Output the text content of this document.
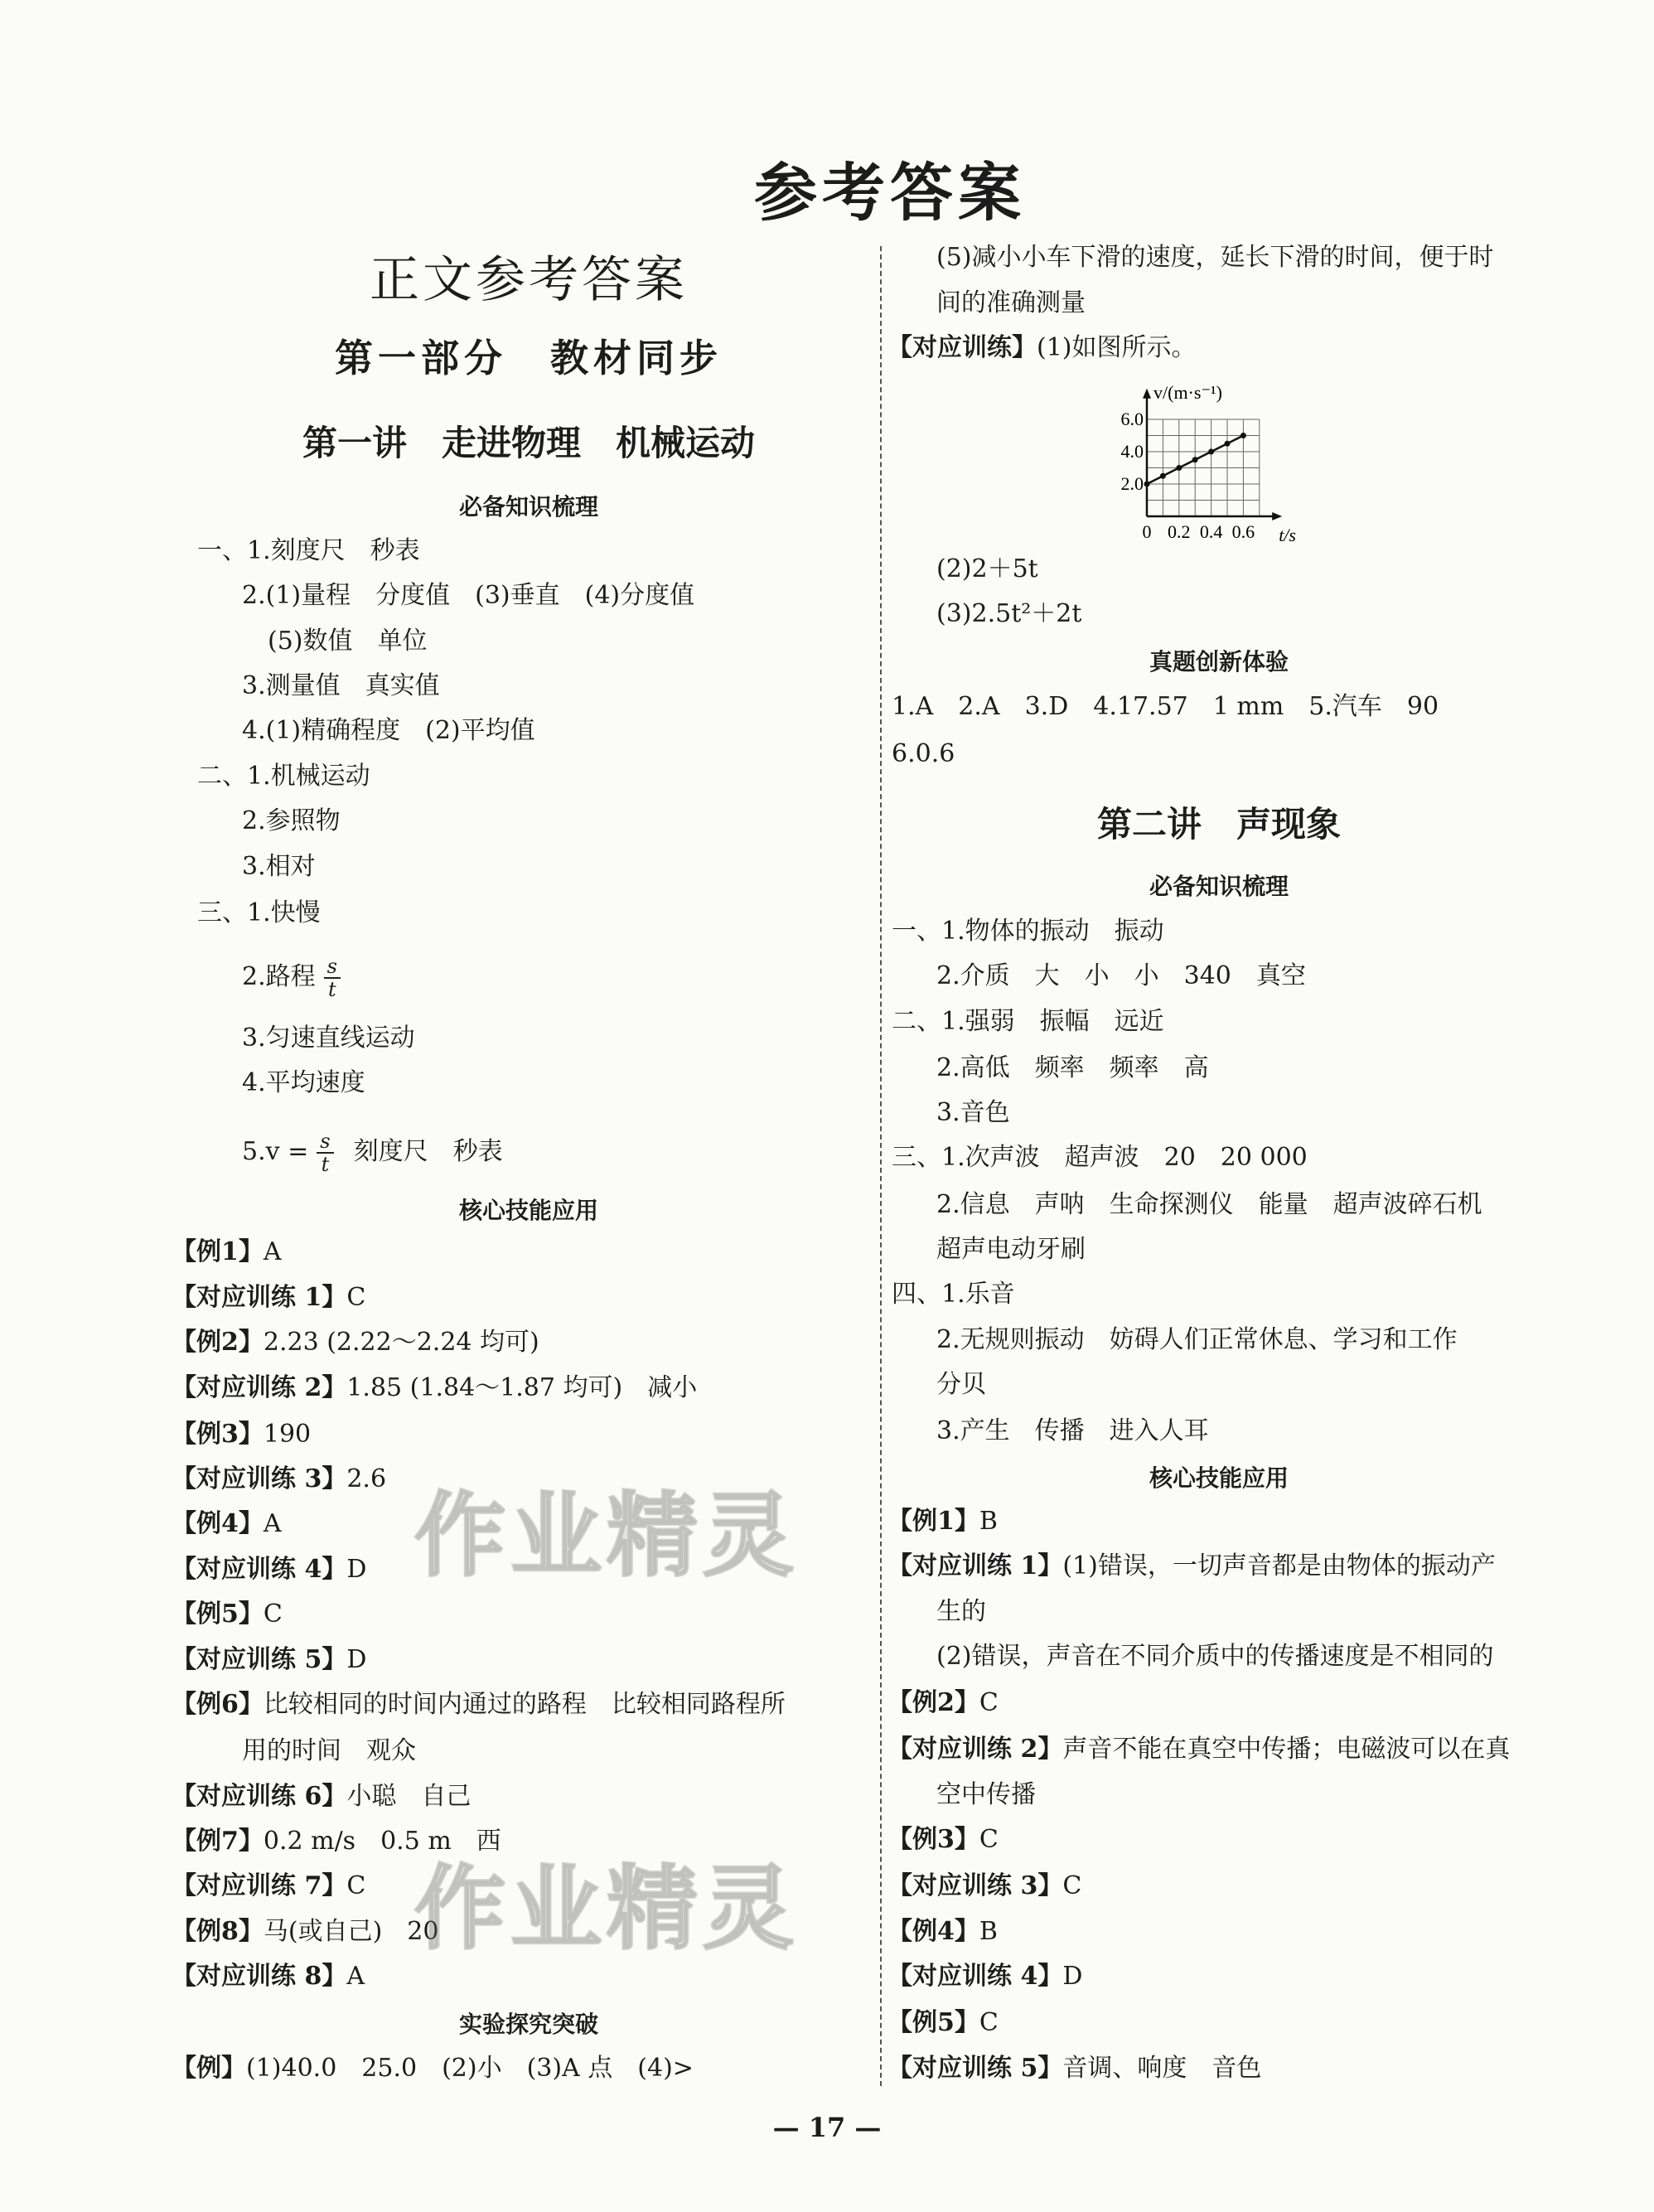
参考答案
正文参考答案
第一部分　教材同步
第一讲　走进物理　机械运动
第二讲　声现象
必备知识梳理
一、1.刻度尺　秒表
2.(1)量程　分度值　(3)垂直　(4)分度值
(5)数值　单位
3.测量值　真实值
4.(1)精确程度　(2)平均值
二、1.机械运动
2.参照物
3.相对
三、1.快慢
2.路程 $\frac{s}{t}$
3.匀速直线运动
4.平均速度
$5.v = \frac{s}{t}$ 刻度尺　秒表
核心技能应用
【例1】A
【对应训练 1】C
【例2】2.23 (2.22～2.24 均可)
【对应训练 2】1.85 (1.84～1.87 均可)　减小
【例3】190
【对应训练 3】2.6
【例4】A
【对应训练 4】D
【例5】C
【对应训练 5】D
【例6】比较相同的时间内通过的路程　比较相同路程所
用的时间　观众
【对应训练 6】小聪　自己
【例7】0.2 m/s　0.5 m　西
【对应训练 7】C
【例8】马(或自己)　20
【对应训练 8】A
实验探究突破
【例】(1)40.0　25.0　(2)小　(3)A 点　(4)>
(5)减小小车下滑的速度，延长下滑的时间，便于时
间的准确测量
【对应训练】(1)如图所示。
(2)2＋5t
(3)2.5t²＋2t
真题创新体验
1.A　2.A　3.D　4.17.57　1 mm　5.汽车　90
6.0.6
必备知识梳理
一、1.物体的振动　振动
2.介质　大　小　小　340　真空
二、1.强弱　振幅　远近
2.高低　频率　频率　高
3.音色
三、1.次声波　超声波　20　20 000
2.信息　声呐　生命探测仪　能量　超声波碎石机
超声电动牙刷
四、1.乐音
2.无规则振动　妨碍人们正常休息、学习和工作
分贝
3.产生　传播　进入人耳
核心技能应用
【例1】B
【对应训练 1】(1)错误，一切声音都是由物体的振动产
生的
(2)错误，声音在不同介质中的传播速度是不相同的
【例2】C
【对应训练 2】声音不能在真空中传播；电磁波可以在真
空中传播
【例3】C
【对应训练 3】C
【例4】B
【对应训练 4】D
【例5】C
【对应训练 5】音调、响度　音色
0 0.2 0.4 0.6
2.0
4.0
6.0
t/s
v/(m·s⁻¹)
作业精灵
作业精灵
— 17 —
